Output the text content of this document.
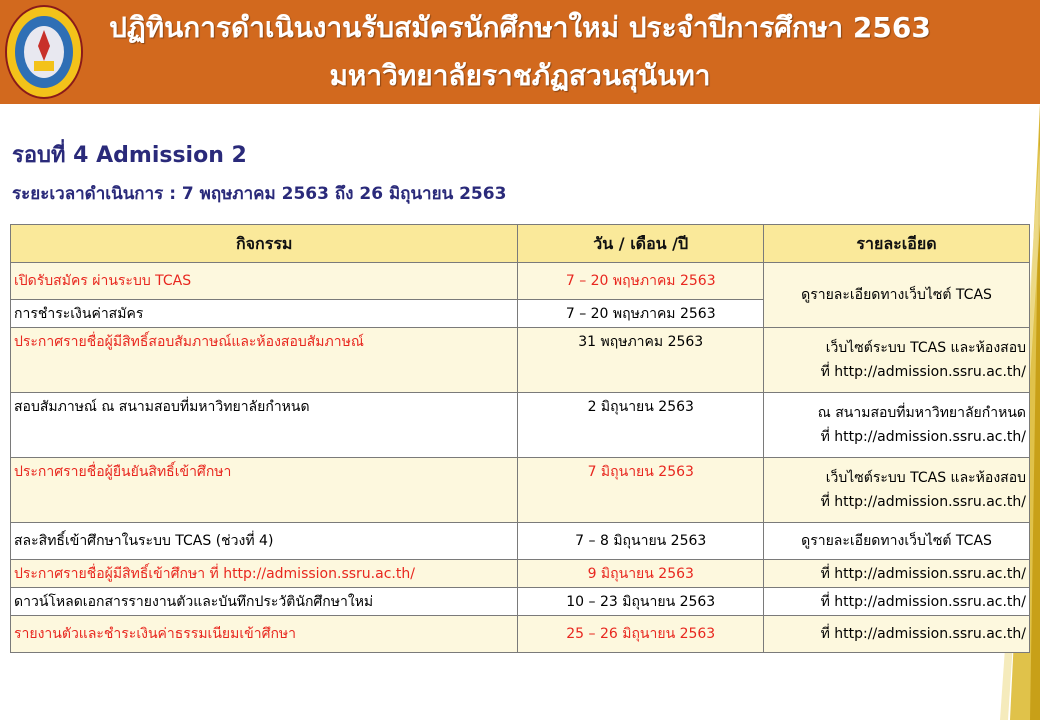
ปฏิทินการดำเนินงานรับสมัครนักศึกษาใหม่ ประจำปีการศึกษา 2563
มหาวิทยาลัยราชภัฏสวนสุนันทา
รอบที่ 4 Admission 2
ระยะเวลาดำเนินการ : 7 พฤษภาคม 2563 ถึง 26 มิถุนายน 2563
กิจกรรม	วัน / เดือน /ปี	รายละเอียด
เปิดรับสมัคร ผ่านระบบ TCAS	7 – 20 พฤษภาคม 2563	ดูรายละเอียดทางเว็บไซต์ TCAS
การชำระเงินค่าสมัคร	7 – 20 พฤษภาคม 2563	
ประกาศรายชื่อผู้มีสิทธิ์สอบสัมภาษณ์และห้องสอบสัมภาษณ์	31 พฤษภาคม 2563	เว็บไซต์ระบบ TCAS และห้องสอบ
ที่ http://admission.ssru.ac.th/
สอบสัมภาษณ์ ณ สนามสอบที่มหาวิทยาลัยกำหนด	2 มิถุนายน 2563	ณ สนามสอบที่มหาวิทยาลัยกำหนด
ที่ http://admission.ssru.ac.th/
ประกาศรายชื่อผู้ยืนยันสิทธิ์เข้าศึกษา	7 มิถุนายน 2563	เว็บไซต์ระบบ TCAS และห้องสอบ
ที่ http://admission.ssru.ac.th/
สละสิทธิ์เข้าศึกษาในระบบ TCAS (ช่วงที่ 4)	7 – 8 มิถุนายน 2563	ดูรายละเอียดทางเว็บไซต์ TCAS
ประกาศรายชื่อผู้มีสิทธิ์เข้าศึกษา ที่ http://admission.ssru.ac.th/	9 มิถุนายน 2563	ที่ http://admission.ssru.ac.th/
ดาวน์โหลดเอกสารรายงานตัวและบันทึกประวัตินักศึกษาใหม่	10 – 23 มิถุนายน 2563	ที่ http://admission.ssru.ac.th/
รายงานตัวและชำระเงินค่าธรรมเนียมเข้าศึกษา	25 – 26 มิถุนายน 2563	ที่ http://admission.ssru.ac.th/
